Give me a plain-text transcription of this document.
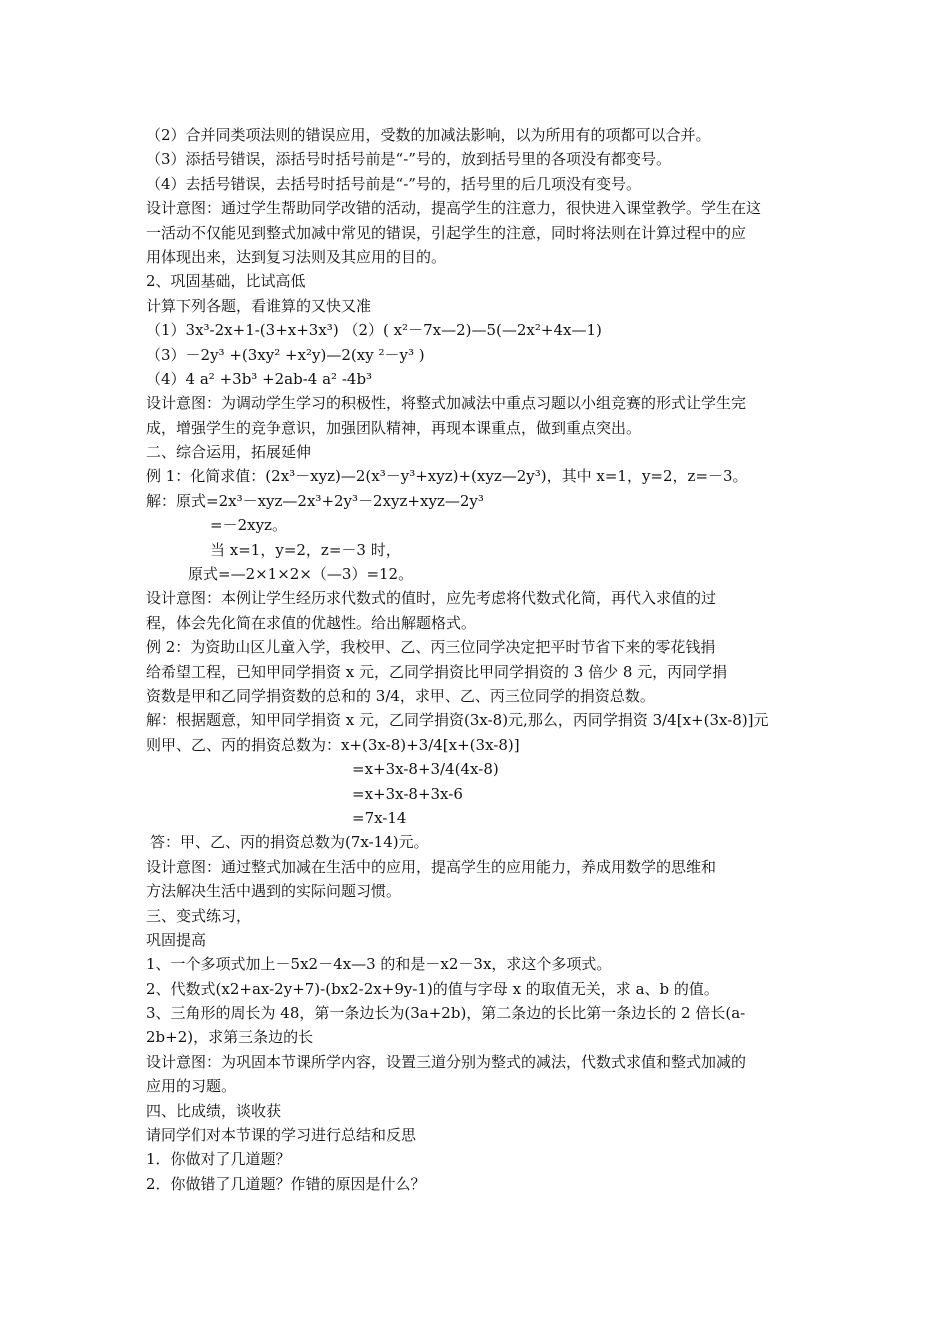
（2）合并同类项法则的错误应用，受数的加减法影响，以为所用有的项都可以合并。
（3）添括号错误，添括号时括号前是“-”号的，放到括号里的各项没有都变号。
（4）去括号错误，去括号时括号前是“-”号的，括号里的后几项没有变号。
设计意图：通过学生帮助同学改错的活动，提高学生的注意力，很快进入课堂教学。学生在这
一活动不仅能见到整式加减中常见的错误，引起学生的注意，同时将法则在计算过程中的应
用体现出来，达到复习法则及其应用的目的。
2、巩固基础，比试高低
计算下列各题，看谁算的又快又准
（1）3x³-2x+1-(3+x+3x³) （2）( x²－7x—2)—5(—2x²+4x—1)
（3）－2y³ +(3xy² +x²y)—2(xy ²－y³ )
（4）4 a² +3b³ +2ab-4 a² -4b³
设计意图：为调动学生学习的积极性，将整式加减法中重点习题以小组竞赛的形式让学生完
成，增强学生的竞争意识，加强团队精神，再现本课重点，做到重点突出。
二、综合运用，拓展延伸
例 1：化简求值：(2x³－xyz)—2(x³－y³+xyz)+(xyz—2y³)，其中 x=1，y=2，z=－3。
解：原式=2x³－xyz—2x³+2y³－2xyz+xyz—2y³
=－2xyz。
当 x=1，y=2，z=－3 时，
原式=—2×1×2×（—3）=12。
设计意图：本例让学生经历求代数式的值时，应先考虑将代数式化简，再代入求值的过
程，体会先化简在求值的优越性。给出解题格式。
例 2：为资助山区儿童入学，我校甲、乙、丙三位同学决定把平时节省下来的零花钱捐
给希望工程，已知甲同学捐资 x 元，乙同学捐资比甲同学捐资的 3 倍少 8 元，丙同学捐
资数是甲和乙同学捐资数的总和的 3/4，求甲、乙、丙三位同学的捐资总数。
解：根据题意，知甲同学捐资 x 元，乙同学捐资(3x-8)元,那么，丙同学捐资 3/4[x+(3x-8)]元
则甲、乙、丙的捐资总数为：x+(3x-8)+3/4[x+(3x-8)]
=x+3x-8+3/4(4x-8)
=x+3x-8+3x-6
=7x-14
答：甲、乙、丙的捐资总数为(7x-14)元。
设计意图：通过整式加减在生活中的应用，提高学生的应用能力，养成用数学的思维和
方法解决生活中遇到的实际问题习惯。
三、变式练习，
巩固提高
1、一个多项式加上－5x2－4x—3 的和是－x2－3x，求这个多项式。
2、代数式(x2+ax-2y+7)-(bx2-2x+9y-1)的值与字母 x 的取值无关，求 a、b 的值。
3、三角形的周长为 48，第一条边长为(3a+2b)，第二条边的长比第一条边长的 2 倍长(a-
2b+2)，求第三条边的长
设计意图：为巩固本节课所学内容，设置三道分别为整式的减法，代数式求值和整式加减的
应用的习题。
四、比成绩，谈收获
请同学们对本节课的学习进行总结和反思
1．你做对了几道题？
2．你做错了几道题？作错的原因是什么？
